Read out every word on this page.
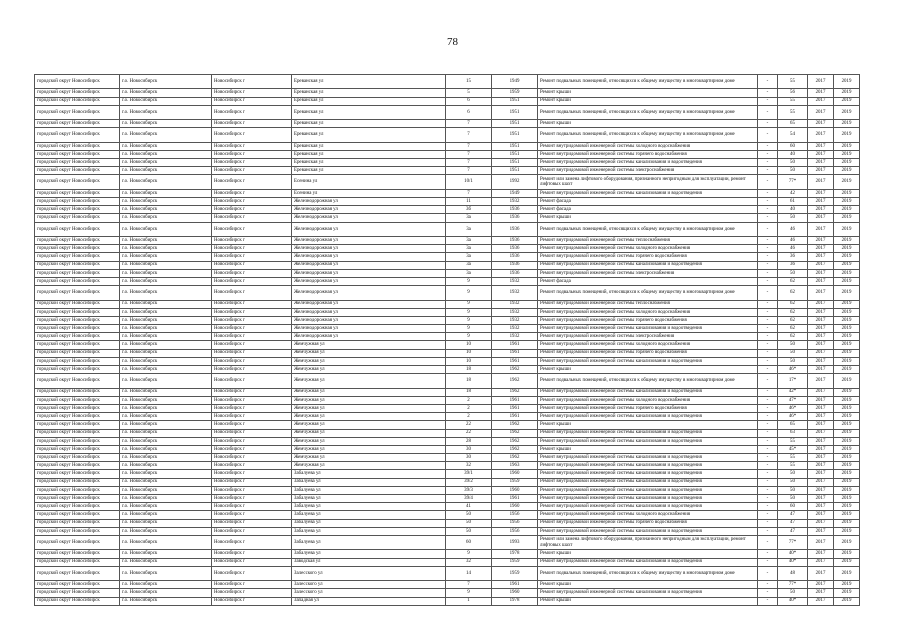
78
городской округ Новосибирск	г.о. Новосибирск	Новосибирск г	Ереванская ул	15	1949	Ремонт подвальных помещений, относящихся к общему имуществу в многоквартирном доме	-	55	2017	2019
городской округ Новосибирск	г.о. Новосибирск	Новосибирск г	Ереванская ул	5	1959	Ремонт крыши	-	56	2017	2019
городской округ Новосибирск	г.о. Новосибирск	Новосибирск г	Ереванская ул	6	1951	Ремонт крыши	-	55	2017	2019
городской округ Новосибирск	г.о. Новосибирск	Новосибирск г	Ереванская ул	6	1951	Ремонт подвальных помещений, относящихся к общему имуществу в многоквартирном доме	-	55	2017	2019
городской округ Новосибирск	г.о. Новосибирск	Новосибирск г	Ереванская ул	7	1951	Ремонт крыши	-	65	2017	2019
городской округ Новосибирск	г.о. Новосибирск	Новосибирск г	Ереванская ул	7	1951	Ремонт подвальных помещений, относящихся к общему имуществу в многоквартирном доме	-	54	2017	2019
городской округ Новосибирск	г.о. Новосибирск	Новосибирск г	Ереванская ул	7	1951	Ремонт внутридомовой инженерной системы холодного водоснабжения	-	60	2017	2019
городской округ Новосибирск	г.о. Новосибирск	Новосибирск г	Ереванская ул	7	1951	Ремонт внутридомовой инженерной системы горячего водоснабжения	-	40	2017	2019
городской округ Новосибирск	г.о. Новосибирск	Новосибирск г	Ереванская ул	7	1951	Ремонт внутридомовой инженерной системы канализования и водоотведения	-	50	2017	2019
городской округ Новосибирск	г.о. Новосибирск	Новосибирск г	Ереванская ул	7	1951	Ремонт внутридомовой инженерной системы электроснабжения	-	50	2017	2019
городской округ Новосибирск	г.о. Новосибирск	Новосибирск г	Есенина ул	10/1	1992	Ремонт или замена лифтового оборудования, признанного непригодным для эксплуатации, ремонт лифтовых шахт	-	77*	2017	2019
городской округ Новосибирск	г.о. Новосибирск	Новосибирск г	Есенина ул	7	1949	Ремонт внутридомовой инженерной системы канализования и водоотведения	-	42	2017	2019
городской округ Новосибирск	г.о. Новосибирск	Новосибирск г	Железнодорожная ул	11	1932	Ремонт фасада	-	61	2017	2019
городской округ Новосибирск	г.о. Новосибирск	Новосибирск г	Железнодорожная ул	3б	1936	Ремонт фасада	-	40	2017	2019
городской округ Новосибирск	г.о. Новосибирск	Новосибирск г	Железнодорожная ул	3а	1936	Ремонт крыши	-	50	2017	2019
городской округ Новосибирск	г.о. Новосибирск	Новосибирск г	Железнодорожная ул	3а	1936	Ремонт подвальных помещений, относящихся к общему имуществу в многоквартирном доме	-	46	2017	2019
городской округ Новосибирск	г.о. Новосибирск	Новосибирск г	Железнодорожная ул	3а	1936	Ремонт внутридомовой инженерной системы теплоснабжения	-	46	2017	2019
городской округ Новосибирск	г.о. Новосибирск	Новосибирск г	Железнодорожная ул	3а	1936	Ремонт внутридомовой инженерной системы холодного водоснабжения	-	46	2017	2019
городской округ Новосибирск	г.о. Новосибирск	Новосибирск г	Железнодорожная ул	3а	1936	Ремонт внутридомовой инженерной системы горячего водоснабжения	-	36	2017	2019
городской округ Новосибирск	г.о. Новосибирск	Новосибирск г	Железнодорожная ул	3а	1936	Ремонт внутридомовой инженерной системы канализования и водоотведения	-	36	2017	2019
городской округ Новосибирск	г.о. Новосибирск	Новосибирск г	Железнодорожная ул	3а	1936	Ремонт внутридомовой инженерной системы электроснабжения	-	50	2017	2019
городской округ Новосибирск	г.о. Новосибирск	Новосибирск г	Железнодорожная ул	9	1932	Ремонт фасада	-	62	2017	2019
городской округ Новосибирск	г.о. Новосибирск	Новосибирск г	Железнодорожная ул	9	1932	Ремонт подвальных помещений, относящихся к общему имуществу в многоквартирном доме	-	62	2017	2019
городской округ Новосибирск	г.о. Новосибирск	Новосибирск г	Железнодорожная ул	9	1932	Ремонт внутридомовой инженерной системы теплоснабжения	-	62	2017	2019
городской округ Новосибирск	г.о. Новосибирск	Новосибирск г	Железнодорожная ул	9	1932	Ремонт внутридомовой инженерной системы холодного водоснабжения	-	62	2017	2019
городской округ Новосибирск	г.о. Новосибирск	Новосибирск г	Железнодорожная ул	9	1932	Ремонт внутридомовой инженерной системы горячего водоснабжения	-	62	2017	2019
городской округ Новосибирск	г.о. Новосибирск	Новосибирск г	Железнодорожная ул	9	1932	Ремонт внутридомовой инженерной системы канализования и водоотведения	-	62	2017	2019
городской округ Новосибирск	г.о. Новосибирск	Новосибирск г	Железнодорожная ул	9	1932	Ремонт внутридомовой инженерной системы электроснабжения	-	62	2017	2019
городской округ Новосибирск	г.о. Новосибирск	Новосибирск г	Жемчужная ул	10	1961	Ремонт внутридомовой инженерной системы холодного водоснабжения	-	50	2017	2019
городской округ Новосибирск	г.о. Новосибирск	Новосибирск г	Жемчужная ул	10	1961	Ремонт внутридомовой инженерной системы горячего водоснабжения	-	50	2017	2019
городской округ Новосибирск	г.о. Новосибирск	Новосибирск г	Жемчужная ул	10	1961	Ремонт внутридомовой инженерной системы канализования и водоотведения	-	50	2017	2019
городской округ Новосибирск	г.о. Новосибирск	Новосибирск г	Жемчужная ул	18	1962	Ремонт крыши	-	46*	2017	2019
городской округ Новосибирск	г.о. Новосибирск	Новосибирск г	Жемчужная ул	18	1962	Ремонт подвальных помещений, относящихся к общему имуществу в многоквартирном доме	-	17*	2017	2019
городской округ Новосибирск	г.о. Новосибирск	Новосибирск г	Жемчужная ул	18	1962	Ремонт внутридомовой инженерной системы канализования и водоотведения	-	42*	2017	2019
городской округ Новосибирск	г.о. Новосибирск	Новосибирск г	Жемчужная ул	2	1961	Ремонт внутридомовой инженерной системы холодного водоснабжения	-	47*	2017	2019
городской округ Новосибирск	г.о. Новосибирск	Новосибирск г	Жемчужная ул	2	1961	Ремонт внутридомовой инженерной системы горячего водоснабжения	-	46*	2017	2019
городской округ Новосибирск	г.о. Новосибирск	Новосибирск г	Жемчужная ул	2	1961	Ремонт внутридомовой инженерной системы канализования и водоотведения	-	46*	2017	2019
городской округ Новосибирск	г.о. Новосибирск	Новосибирск г	Жемчужная ул	22	1962	Ремонт крыши	-	65	2017	2019
городской округ Новосибирск	г.о. Новосибирск	Новосибирск г	Жемчужная ул	22	1962	Ремонт внутридомовой инженерной системы канализования и водоотведения	-	63	2017	2019
городской округ Новосибирск	г.о. Новосибирск	Новосибирск г	Жемчужная ул	28	1962	Ремонт внутридомовой инженерной системы канализования и водоотведения	-	55	2017	2019
городской округ Новосибирск	г.о. Новосибирск	Новосибирск г	Жемчужная ул	30	1962	Ремонт крыши	-	45*	2017	2019
городской округ Новосибирск	г.о. Новосибирск	Новосибирск г	Жемчужная ул	30	1962	Ремонт внутридомовой инженерной системы канализования и водоотведения	-	55	2017	2019
городской округ Новосибирск	г.о. Новосибирск	Новосибирск г	Жемчужная ул	32	1963	Ремонт внутридомовой инженерной системы канализования и водоотведения	-	55	2017	2019
городской округ Новосибирск	г.о. Новосибирск	Новосибирск г	Забалуева ул	39/1	1960	Ремонт внутридомовой инженерной системы канализования и водоотведения	-	50	2017	2019
городской округ Новосибирск	г.о. Новосибирск	Новосибирск г	Забалуева ул	39/2	1959	Ремонт внутридомовой инженерной системы канализования и водоотведения	-	50	2017	2019
городской округ Новосибирск	г.о. Новосибирск	Новосибирск г	Забалуева ул	39/3	1960	Ремонт внутридомовой инженерной системы канализования и водоотведения	-	50	2017	2019
городской округ Новосибирск	г.о. Новосибирск	Новосибирск г	Забалуева ул	39/4	1961	Ремонт внутридомовой инженерной системы канализования и водоотведения	-	50	2017	2019
городской округ Новосибирск	г.о. Новосибирск	Новосибирск г	Забалуева ул	41	1960	Ремонт внутридомовой инженерной системы канализования и водоотведения	-	60	2017	2019
городской округ Новосибирск	г.о. Новосибирск	Новосибирск г	Забалуева ул	50	1956	Ремонт внутридомовой инженерной системы холодного водоснабжения	-	47	2017	2019
городской округ Новосибирск	г.о. Новосибирск	Новосибирск г	Забалуева ул	50	1956	Ремонт внутридомовой инженерной системы горячего водоснабжения	-	47	2017	2019
городской округ Новосибирск	г.о. Новосибирск	Новосибирск г	Забалуева ул	50	1956	Ремонт внутридомовой инженерной системы канализования и водоотведения	-	47	2017	2019
городской округ Новосибирск	г.о. Новосибирск	Новосибирск г	Забалуева ул	60	1993	Ремонт или замена лифтового оборудования, признанного непригодным для эксплуатации, ремонт лифтовых шахт	-	77*	2017	2019
городской округ Новосибирск	г.о. Новосибирск	Новосибирск г	Забалуева ул	9	1978	Ремонт крыши	-	40*	2017	2019
городской округ Новосибирск	г.о. Новосибирск	Новосибирск г	Заводская ул	32	1959	Ремонт внутридомовой инженерной системы канализования и водоотведения	-	40*	2017	2019
городской округ Новосибирск	г.о. Новосибирск	Новосибирск г	Залесского ул	14	1959	Ремонт подвальных помещений, относящихся к общему имуществу в многоквартирном доме	-	48	2017	2019
городской округ Новосибирск	г.о. Новосибирск	Новосибирск г	Залесского ул	7	1961	Ремонт крыши	-	77*	2017	2019
городской округ Новосибирск	г.о. Новосибирск	Новосибирск г	Залесского ул	9	1960	Ремонт внутридомовой инженерной системы канализования и водоотведения	-	50	2017	2019
городской округ Новосибирск	г.о. Новосибирск	Новосибирск г	Западная ул	1	1978	Ремонт крыши	-	40*	2017	2019
